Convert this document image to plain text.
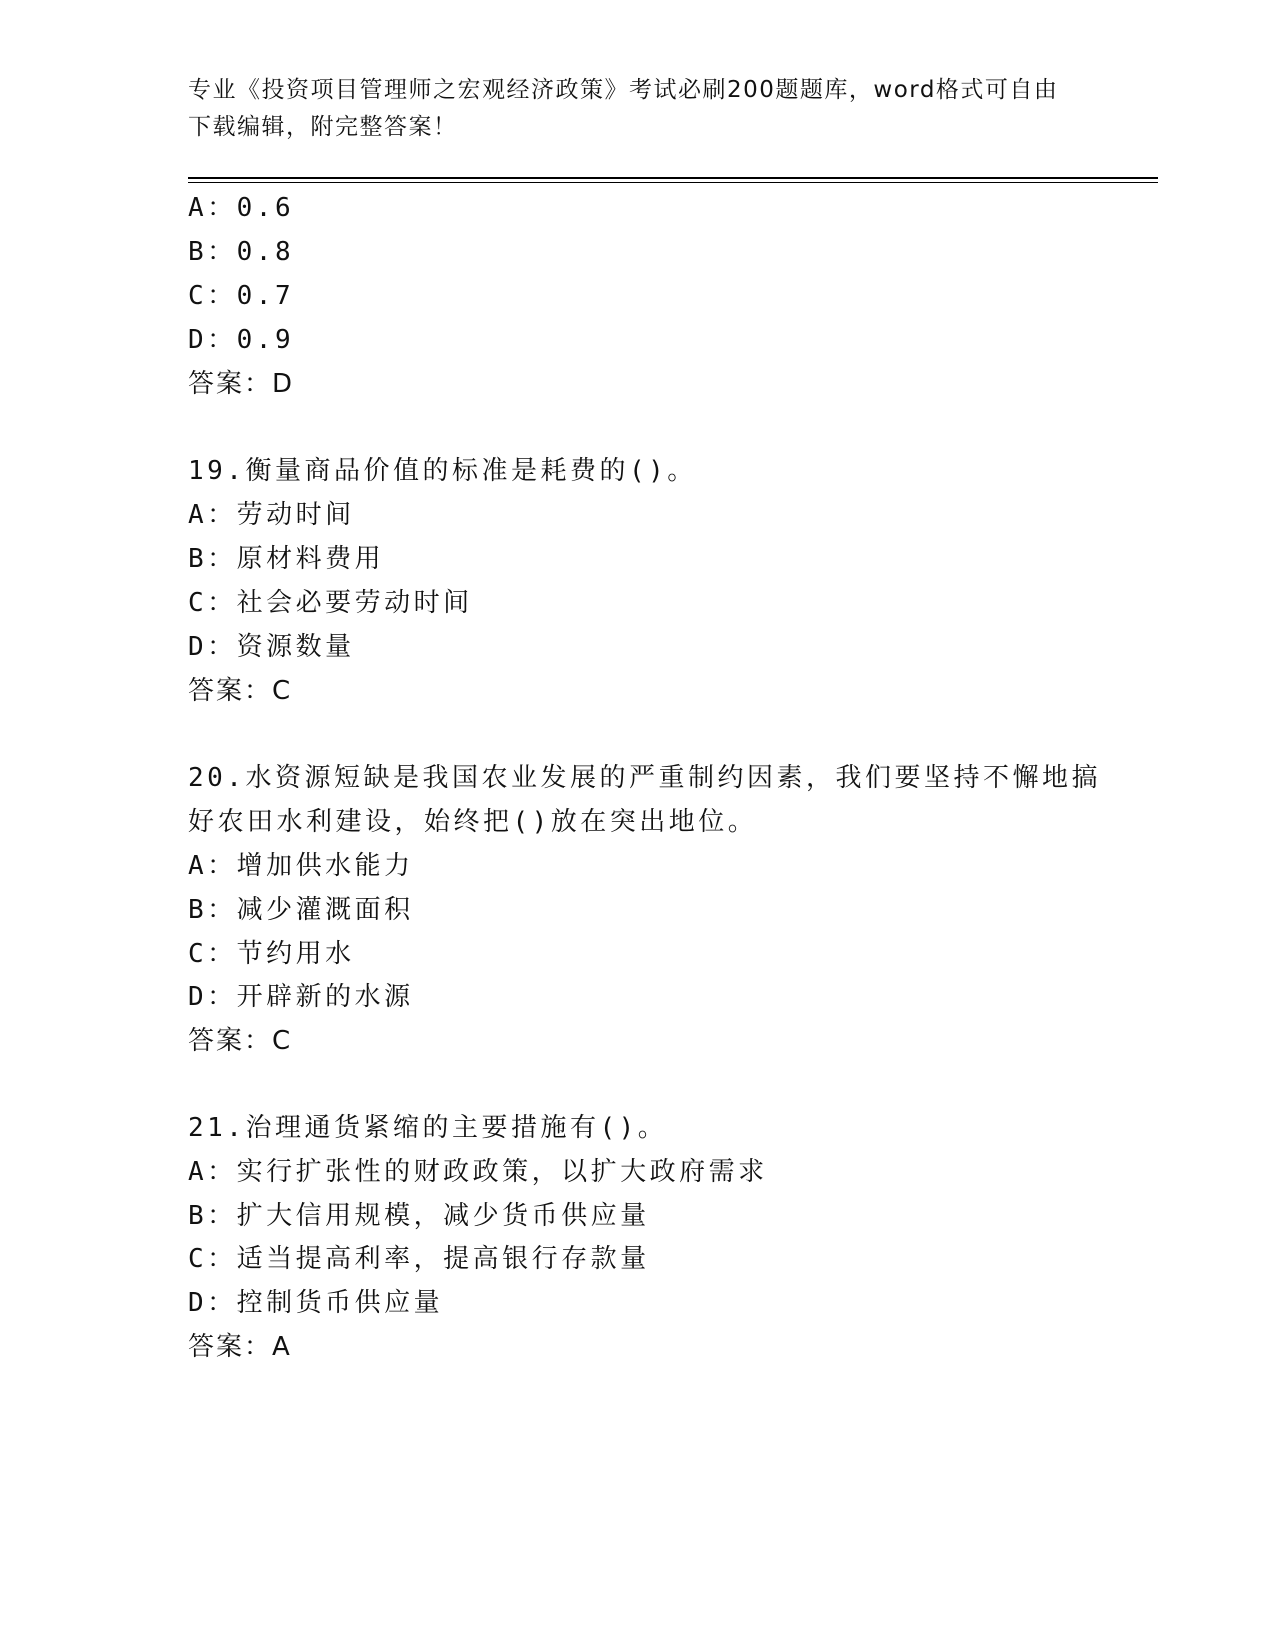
专业《投资项目管理师之宏观经济政策》考试必刷200题题库，word格式可自由
下载编辑，附完整答案！
A：0.6
B：0.8
C：0.7
D：0.9
答案：D
19.衡量商品价值的标准是耗费的()。
A：劳动时间
B：原材料费用
C：社会必要劳动时间
D：资源数量
答案：C
20.水资源短缺是我国农业发展的严重制约因素，我们要坚持不懈地搞
好农田水利建设，始终把()放在突出地位。
A：增加供水能力
B：减少灌溉面积
C：节约用水
D：开辟新的水源
答案：C
21.治理通货紧缩的主要措施有()。
A：实行扩张性的财政政策，以扩大政府需求
B：扩大信用规模，减少货币供应量
C：适当提高利率，提高银行存款量
D：控制货币供应量
答案：A
